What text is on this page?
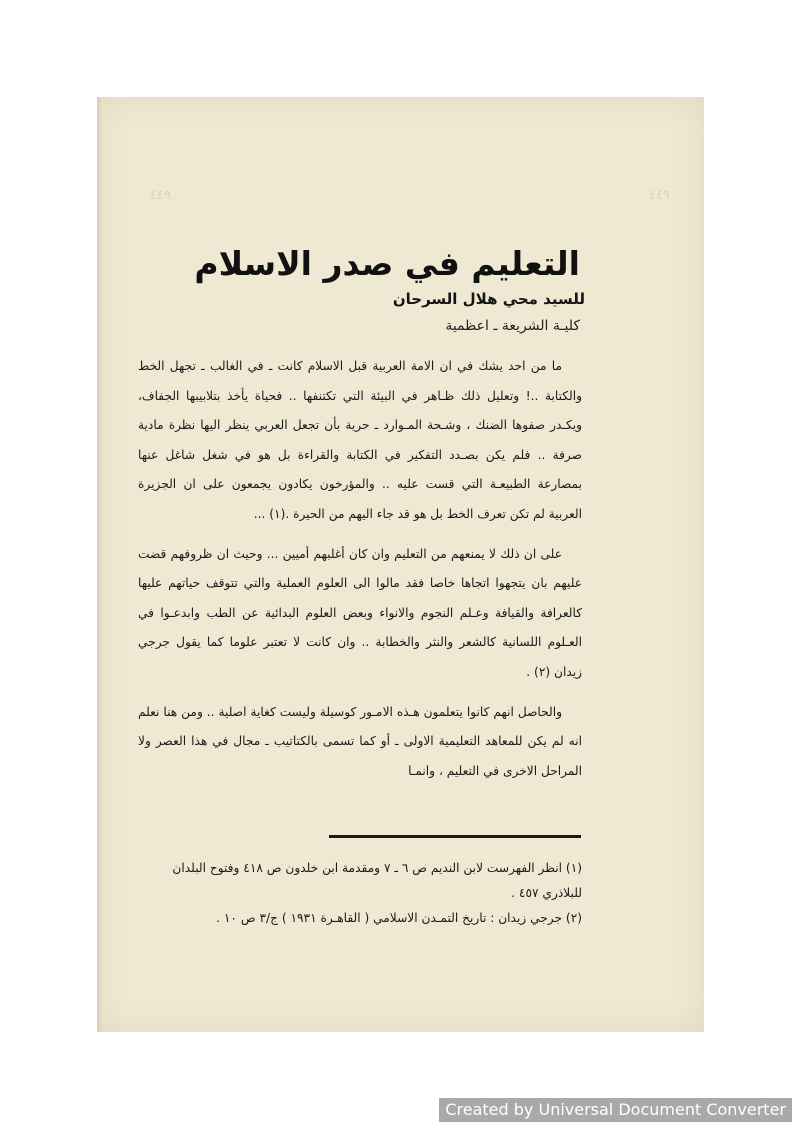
٤٤٩	٤٤٩
التعليم في صدر الاسلام
للسيد محي هلال السرحان
كليـة الشريعة ـ اعظمية

ما من احد يشك في ان الامة العربية قبل الاسلام كانت ـ في الغالب ـ تجهل الخط والكتابة ..! وتعليل ذلك ظـاهر في البيئة التي تكتنفها .. فحياة يأخذ بتلابيبها الجفاف، ويكـدر صفوها الضنك ، وشـحة المـوارد ـ حرية بأن تجعل العربي ينظر اليها نظرة مادية صرفة .. فلم يكن بصـدد التفكير في الكتابة والقراءة بل هو في شغل شاغل عنها بمصارعة الطبيعـة التي قست عليه .. والمؤرخون يكادون يجمعون على ان الجزيرة العربية لم تكن تعرف الخط بل هو قد جاء اليهم من الحيرة .(١) ...

على ان ذلك لا يمنعهم من التعليم وان كان أغلبهم أميين ... وحيث ان ظروفهم قضت عليهم بان يتجهوا اتجاها خاصا فقد مالوا الى العلوم العملية والتي تتوقف حياتهم عليها كالعرافة والقيافة وعـلم النجوم والانواء وبعض العلوم البدائية عن الطب وابدعـوا في العـلوم اللسانية كالشعر والنثر والخطابة .. وان كانت لا تعتبر علوما كما يقول جرجي زيدان (٢) .

والحاصل انهم كانوا يتعلمون هـذه الامـور كوسيلة وليست كغاية اصلية .. ومن هنا نعلم انه لم يكن للمعاهد التعليمية الاولى ـ أو كما تسمى بالكتاتيب ـ مجال في هذا العصر ولا المراحل الاخرى في التعليم ، وانمـا

(١) انظر الفهرست لابن النديم ص ٦ ـ ٧ ومقدمة ابن خلدون ص ٤١٨ وفتوح البلدان للبلاذري ٤٥٧ .

(٢) جرجي زيدان : تاريخ التمـدن الاسلامي ( القاهـرة ١٩٣١ ) ج/٣ ص ١٠ .

Created by Universal Document Converter
